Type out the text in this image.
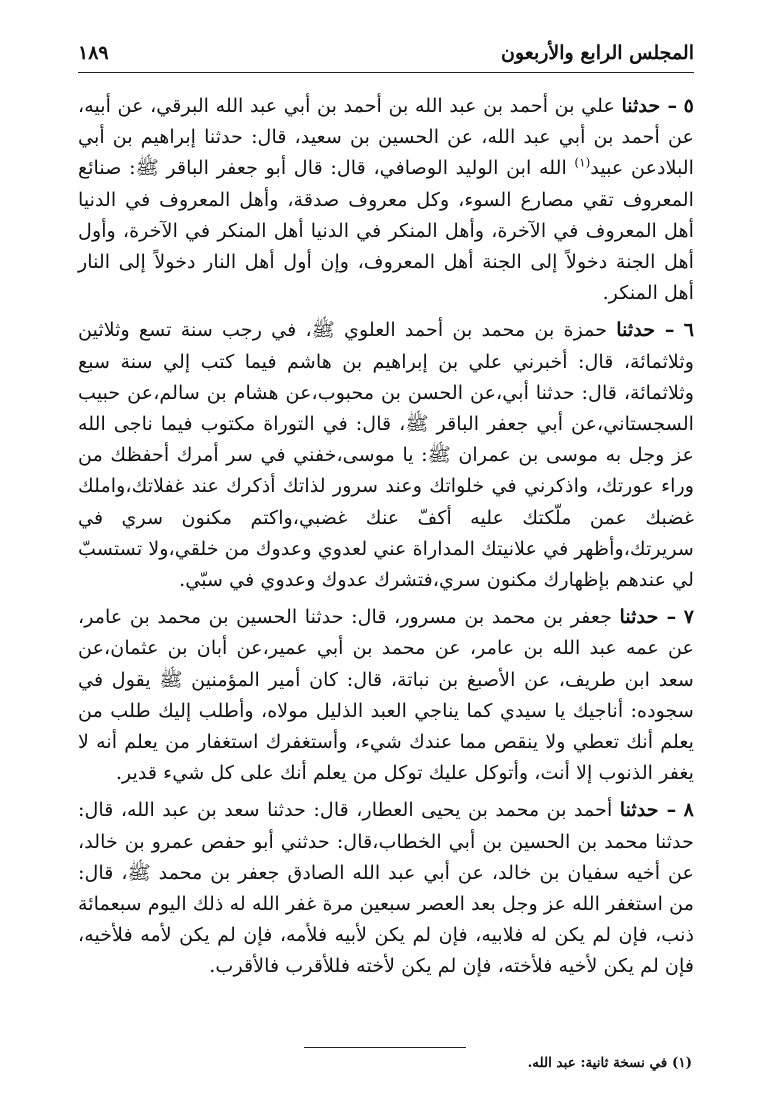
المجلس الرابع والأربعون
١٨٩

٥ – حدثنا علي بن أحمد بن عبد الله بن أحمد بن أبي عبد الله البرقي، عن أبيه، عن أحمد بن أبي عبد الله، عن الحسين بن سعيد، قال: حدثنا إبراهيم بن أبي البلادعن عبيد$^{(١)}$ الله ابن الوليد الوصافي، قال: قال أبو جعفر الباقر ﷺ: صنائع المعروف تقي مصارع السوء، وكل معروف صدقة، وأهل المعروف في الدنيا أهل المعروف في الآخرة، وأهل المنكر في الدنيا أهل المنكر في الآخرة، وأول أهل الجنة دخولاً إلى الجنة أهل المعروف، وإن أول أهل النار دخولاً إلى النار أهل المنكر.

٦ – حدثنا حمزة بن محمد بن أحمد العلوي ﷺ، في رجب سنة تسع وثلاثين وثلاثمائة، قال: أخبرني علي بن إبراهيم بن هاشم فيما كتب إلي سنة سبع وثلاثمائة، قال: حدثنا أبي،عن الحسن بن محبوب،عن هشام بن سالم،عن حبيب السجستاني،عن أبي جعفر الباقر ﷺ، قال: في التوراة مكتوب فيما ناجى الله عز وجل به موسى بن عمران ﷺ: يا موسى،خفني في سر أمرك أحفظك من وراء عورتك، واذكرني في خلواتك وعند سرور لذاتك أذكرك عند غفلاتك،واملك غضبك عمن ملّكتك عليه أكفّ عنك غضبي،واكتم مكنون سري في سريرتك،وأظهر في علانيتك المداراة عني لعدوي وعدوك من خلقي،ولا تستسبّ لي عندهم بإظهارك مكنون سري،فتشرك عدوك وعدوي في سبّي.

٧ – حدثنا جعفر بن محمد بن مسرور، قال: حدثنا الحسين بن محمد بن عامر، عن عمه عبد الله بن عامر، عن محمد بن أبي عمير،عن أبان بن عثمان،عن سعد ابن طريف، عن الأصبغ بن نباتة، قال: كان أمير المؤمنين ﷺ يقول في سجوده: أناجيك يا سيدي كما يناجي العبد الذليل مولاه، وأطلب إليك طلب من يعلم أنك تعطي ولا ينقص مما عندك شيء، وأستغفرك استغفار من يعلم أنه لا يغفر الذنوب إلا أنت، وأتوكل عليك توكل من يعلم أنك على كل شيء قدير.

٨ – حدثنا أحمد بن محمد بن يحيى العطار، قال: حدثنا سعد بن عبد الله، قال: حدثنا محمد بن الحسين بن أبي الخطاب،قال: حدثني أبو حفص عمرو بن خالد، عن أخيه سفيان بن خالد، عن أبي عبد الله الصادق جعفر بن محمد ﷺ، قال: من استغفر الله عز وجل بعد العصر سبعين مرة غفر الله له ذلك اليوم سبعمائة ذنب، فإن لم يكن له فلابيه، فإن لم يكن لأبيه فلأمه، فإن لم يكن لأمه فلأخيه، فإن لم يكن لأخيه فلأخته، فإن لم يكن لأخته فللأقرب فالأقرب.

(١) في نسخة ثانية: عبد الله.
